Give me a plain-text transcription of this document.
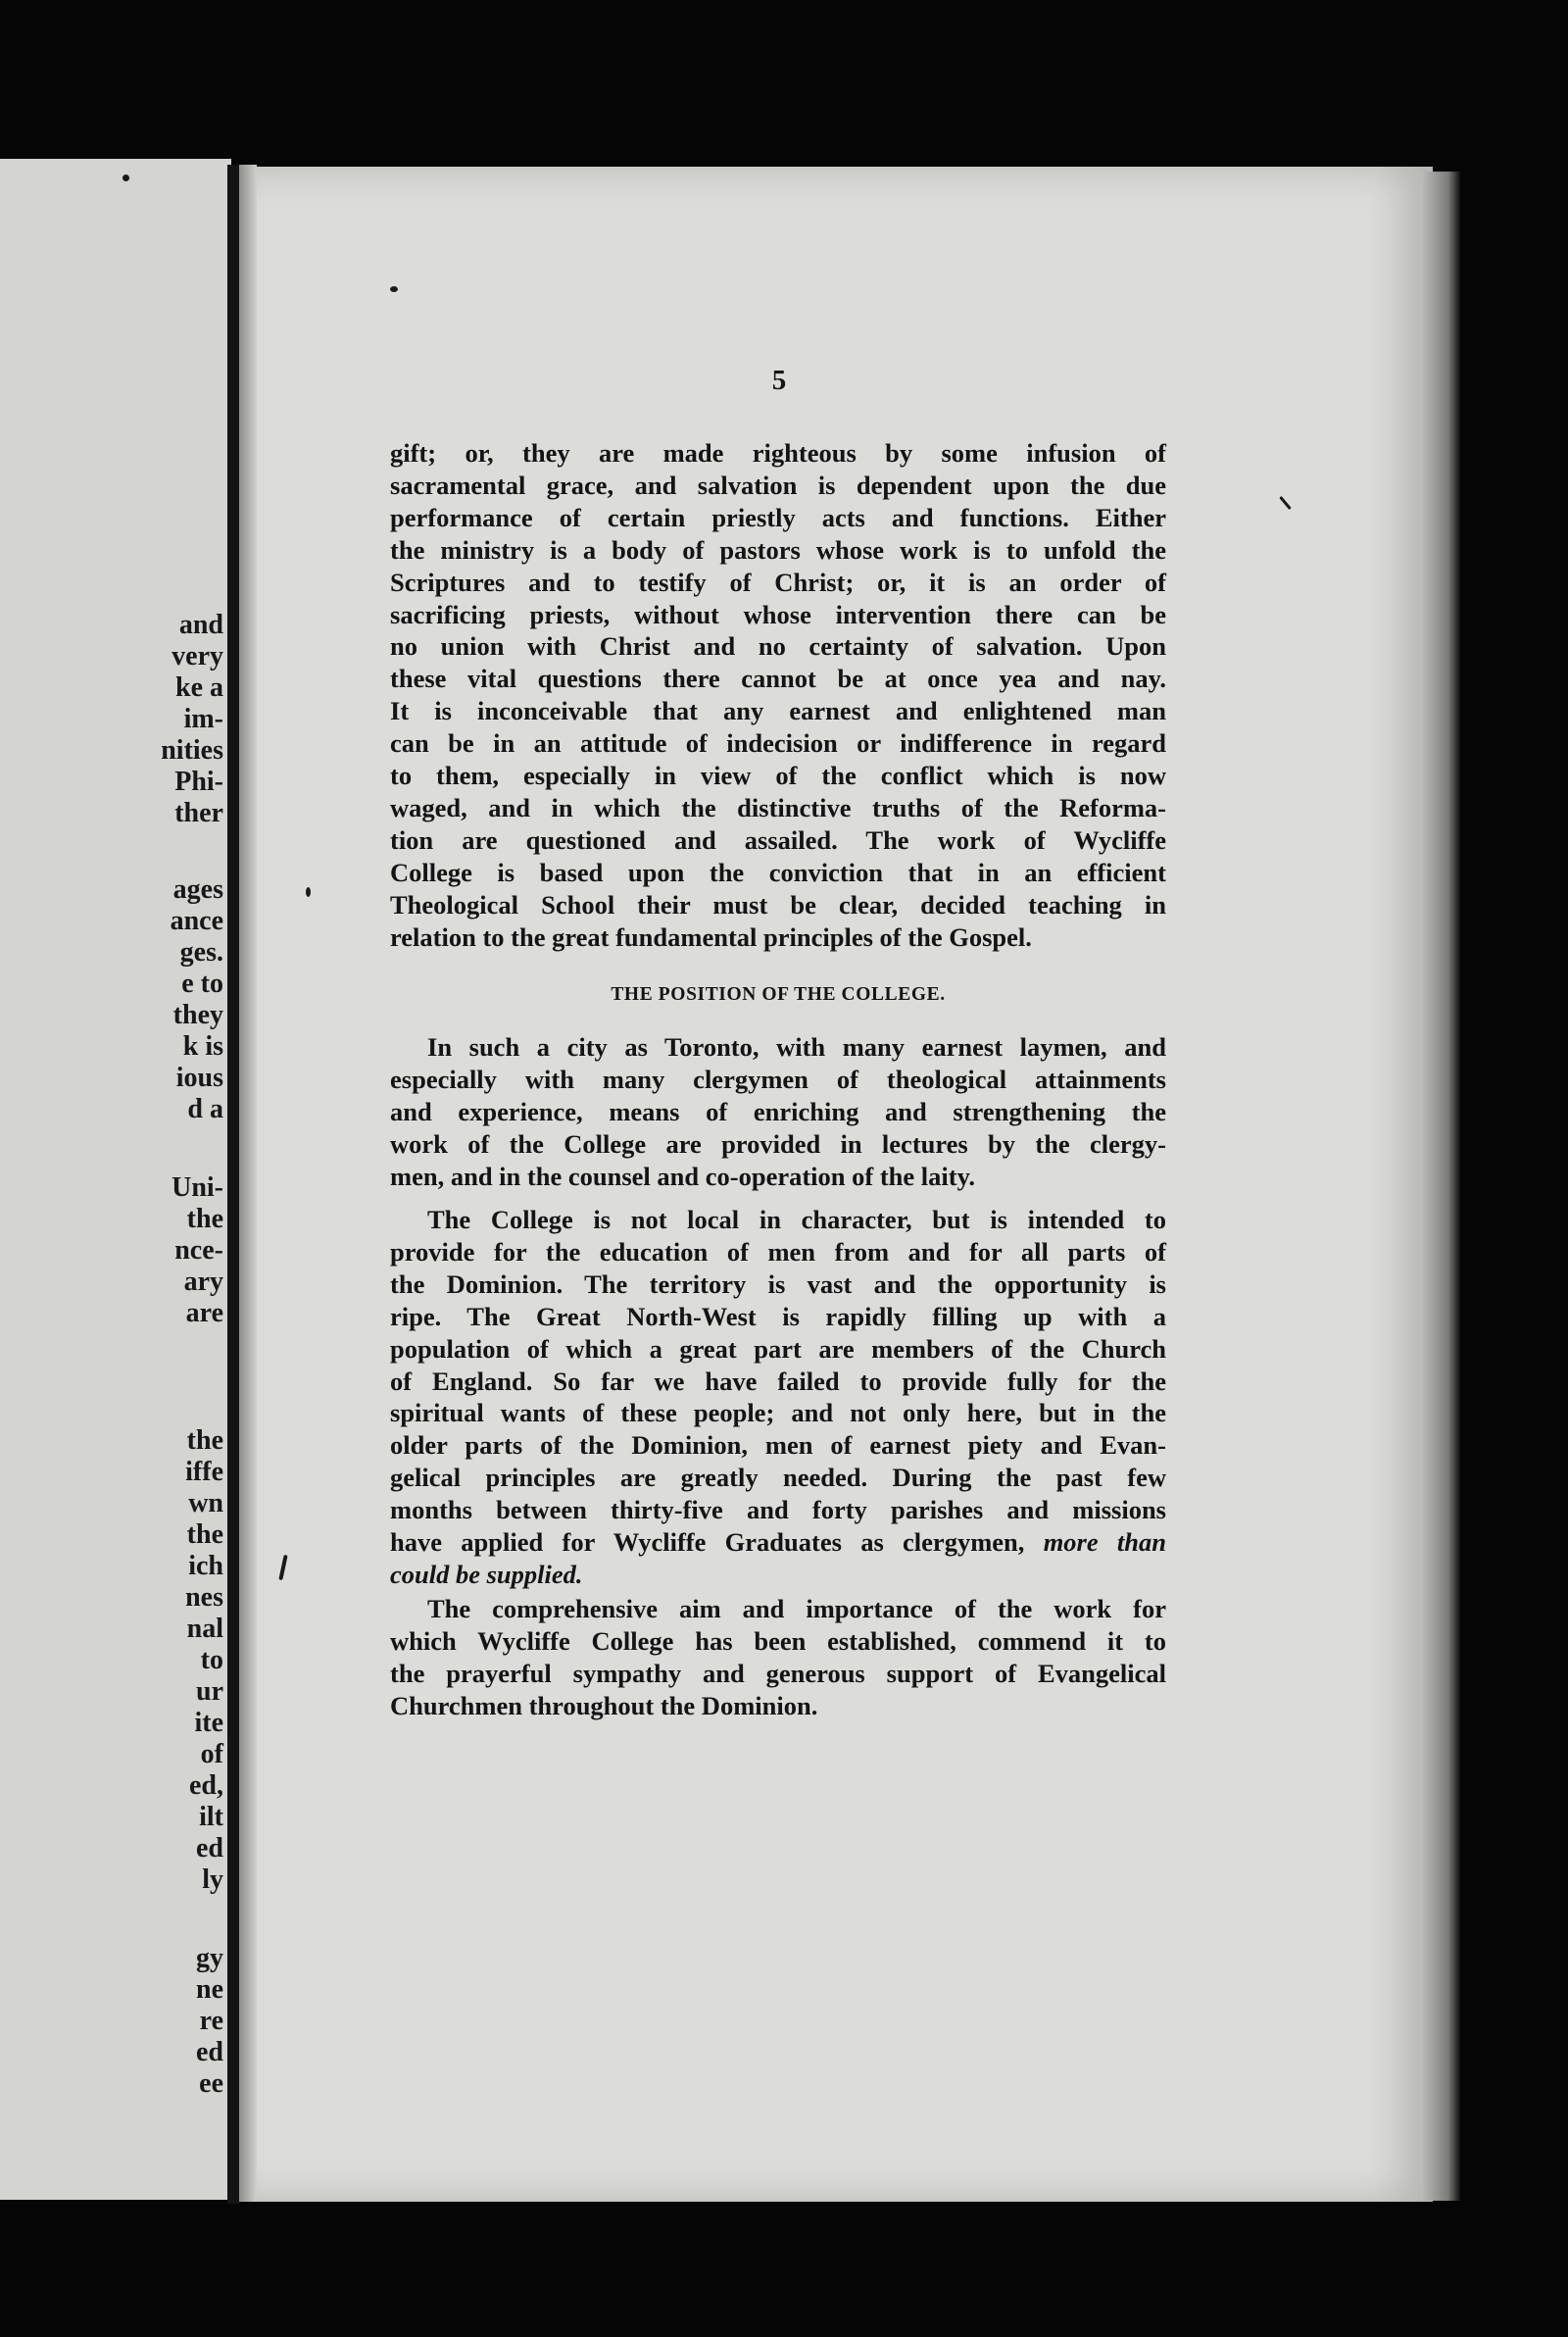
and
very
ke a
im-
nities
Phi-
ther
ages
ance
ges.
e to
they
k is
ious
d a
Uni-
the
nce-
ary
are
the
iffe
wn
the
ich
nes
nal
to
ur
ite
of
ed,
ilt
ed
ly
gy
ne
re
ed
ee
5
gift; or, they are made righteous by some infusion of
sacramental grace, and salvation is dependent upon the due
performance of certain priestly acts and functions. Either
the ministry is a body of pastors whose work is to unfold the
Scriptures and to testify of Christ; or, it is an order of
sacrificing priests, without whose intervention there can be
no union with Christ and no certainty of salvation. Upon
these vital questions there cannot be at once yea and nay.
It is inconceivable that any earnest and enlightened man
can be in an attitude of indecision or indifference in regard
to them, especially in view of the conflict which is now
waged, and in which the distinctive truths of the Reforma-
tion are questioned and assailed. The work of Wycliffe
College is based upon the conviction that in an efficient
Theological School their must be clear, decided teaching in
relation to the great fundamental principles of the Gospel.
THE POSITION OF THE COLLEGE.
In such a city as Toronto, with many earnest laymen, and
especially with many clergymen of theological attainments
and experience, means of enriching and strengthening the
work of the College are provided in lectures by the clergy-
men, and in the counsel and co-operation of the laity.
The College is not local in character, but is intended to
provide for the education of men from and for all parts of
the Dominion. The territory is vast and the opportunity is
ripe. The Great North-West is rapidly filling up with a
population of which a great part are members of the Church
of England. So far we have failed to provide fully for the
spiritual wants of these people; and not only here, but in the
older parts of the Dominion, men of earnest piety and Evan-
gelical principles are greatly needed. During the past few
months between thirty-five and forty parishes and missions
have applied for Wycliffe Graduates as clergymen, more than
could be supplied.
The comprehensive aim and importance of the work for
which Wycliffe College has been established, commend it to
the prayerful sympathy and generous support of Evangelical
Churchmen throughout the Dominion.
